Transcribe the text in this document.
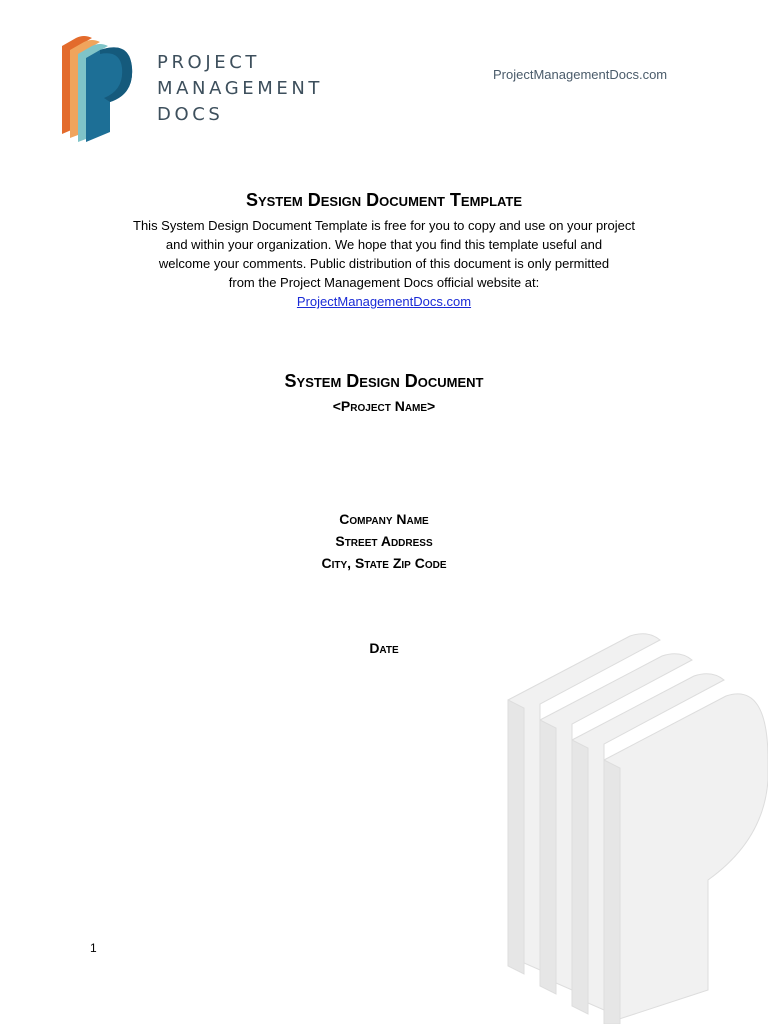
PROJECT
MANAGEMENT
DOCS
ProjectManagementDocs.com
System Design Document Template
This System Design Document Template is free for you to copy and use on your project
and within your organization. We hope that you find this template useful and
welcome your comments. Public distribution of this document is only permitted
from the Project Management Docs official website at:
ProjectManagementDocs.com
System Design Document
<Project Name>
Company Name
Street Address
City, State Zip Code
Date
1
